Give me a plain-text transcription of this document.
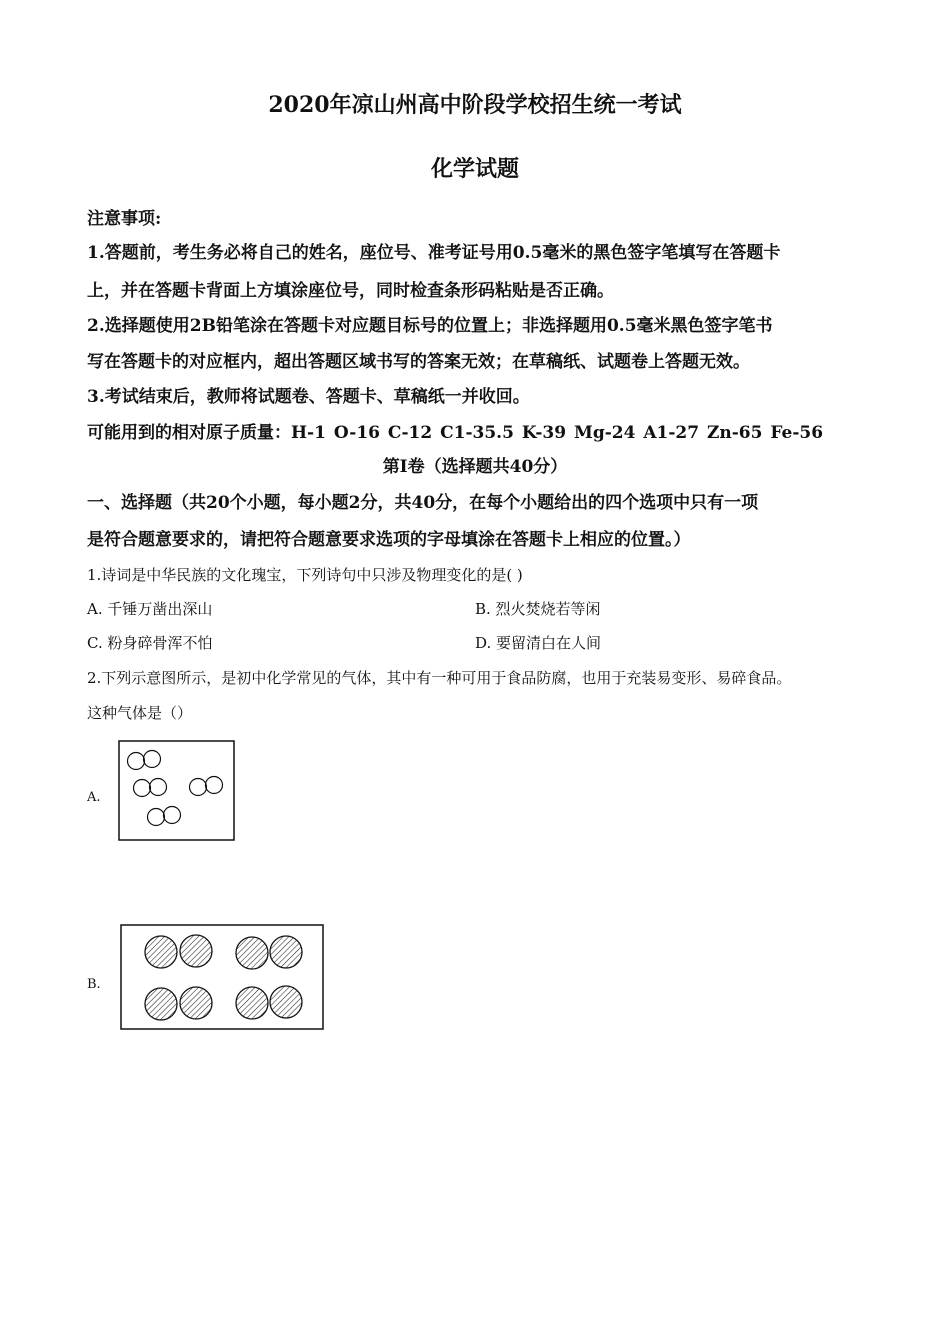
2020年凉山州高中阶段学校招生统一考试
化学试题
注意事项:
1.答题前，考生务必将自己的姓名，座位号、准考证号用0.5毫米的黑色签字笔填写在答题卡
上，并在答题卡背面上方填涂座位号，同时检查条形码粘贴是否正确。
2.选择题使用2B铅笔涂在答题卡对应题目标号的位置上；非选择题用0.5毫米黑色签字笔书
写在答题卡的对应框内，超出答题区域书写的答案无效；在草稿纸、试题卷上答题无效。
3.考试结束后，教师将试题卷、答题卡、草稿纸一并收回。
可能用到的相对原子质量：H-1 O-16 C-12 C1-35.5 K-39 Mg-24 A1-27 Zn-65 Fe-56
第I卷（选择题共40分）
一、选择题（共20个小题，每小题2分，共40分，在每个小题给出的四个选项中只有一项
是符合题意要求的，请把符合题意要求选项的字母填涂在答题卡上相应的位置。）
1.诗词是中华民族的文化瑰宝，下列诗句中只涉及物理变化的是( )
A. 千锤万凿出深山	B. 烈火焚烧若等闲
C. 粉身碎骨浑不怕	D. 要留清白在人间
2.下列示意图所示，是初中化学常见的气体，其中有一种可用于食品防腐，也用于充装易变形、易碎食品。
这种气体是（）
A.
B.
